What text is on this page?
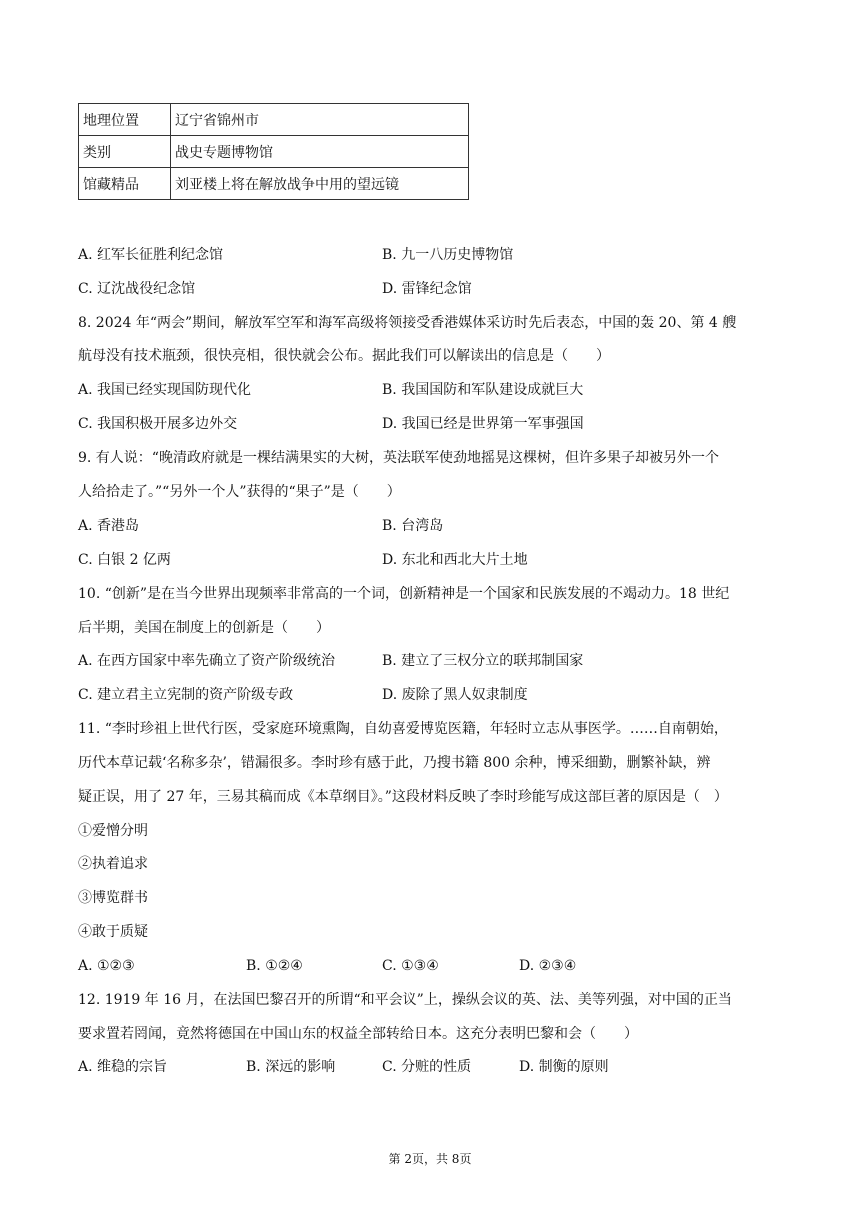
地理位置	辽宁省锦州市
类别	战史专题博物馆
馆藏精品	刘亚楼上将在解放战争中用的望远镜
A. 红军长征胜利纪念馆	B. 九一八历史博物馆
C. 辽沈战役纪念馆	D. 雷锋纪念馆
8. 2024 年“两会”期间，解放军空军和海军高级将领接受香港媒体采访时先后表态，中国的轰 20、第 4 艘
航母没有技术瓶颈，很快亮相，很快就会公布。据此我们可以解读出的信息是（　　）
A. 我国已经实现国防现代化	B. 我国国防和军队建设成就巨大
C. 我国积极开展多边外交	D. 我国已经是世界第一军事强国
9. 有人说：“晚清政府就是一棵结满果实的大树，英法联军使劲地摇晃这棵树，但许多果子却被另外一个
人给拾走了。”“另外一个人”获得的“果子”是（　　）
A. 香港岛	B. 台湾岛
C. 白银 2 亿两	D. 东北和西北大片土地
10. “创新”是在当今世界出现频率非常高的一个词，创新精神是一个国家和民族发展的不竭动力。18 世纪
后半期，美国在制度上的创新是（　　）
A. 在西方国家中率先确立了资产阶级统治	B. 建立了三权分立的联邦制国家
C. 建立君主立宪制的资产阶级专政	D. 废除了黑人奴隶制度
11. “李时珍祖上世代行医，受家庭环境熏陶，自幼喜爱博览医籍，年轻时立志从事医学。……自南朝始，
历代本草记载‘名称多杂’，错漏很多。李时珍有感于此，乃搜书籍 800 余种，博采细勤，删繁补缺，辨
疑正误，用了 27 年，三易其稿而成《本草纲目》。”这段材料反映了李时珍能写成这部巨著的原因是（　）
①爱憎分明
②执着追求
③博览群书
④敢于质疑
A. ①②③	B. ①②④	C. ①③④	D. ②③④
12. 1919 年 16 月，在法国巴黎召开的所谓“和平会议”上，操纵会议的英、法、美等列强，对中国的正当
要求置若罔闻，竟然将德国在中国山东的权益全部转给日本。这充分表明巴黎和会（　　）
A. 维稳的宗旨	B. 深远的影响	C. 分赃的性质	D. 制衡的原则
第 2页，共 8页
